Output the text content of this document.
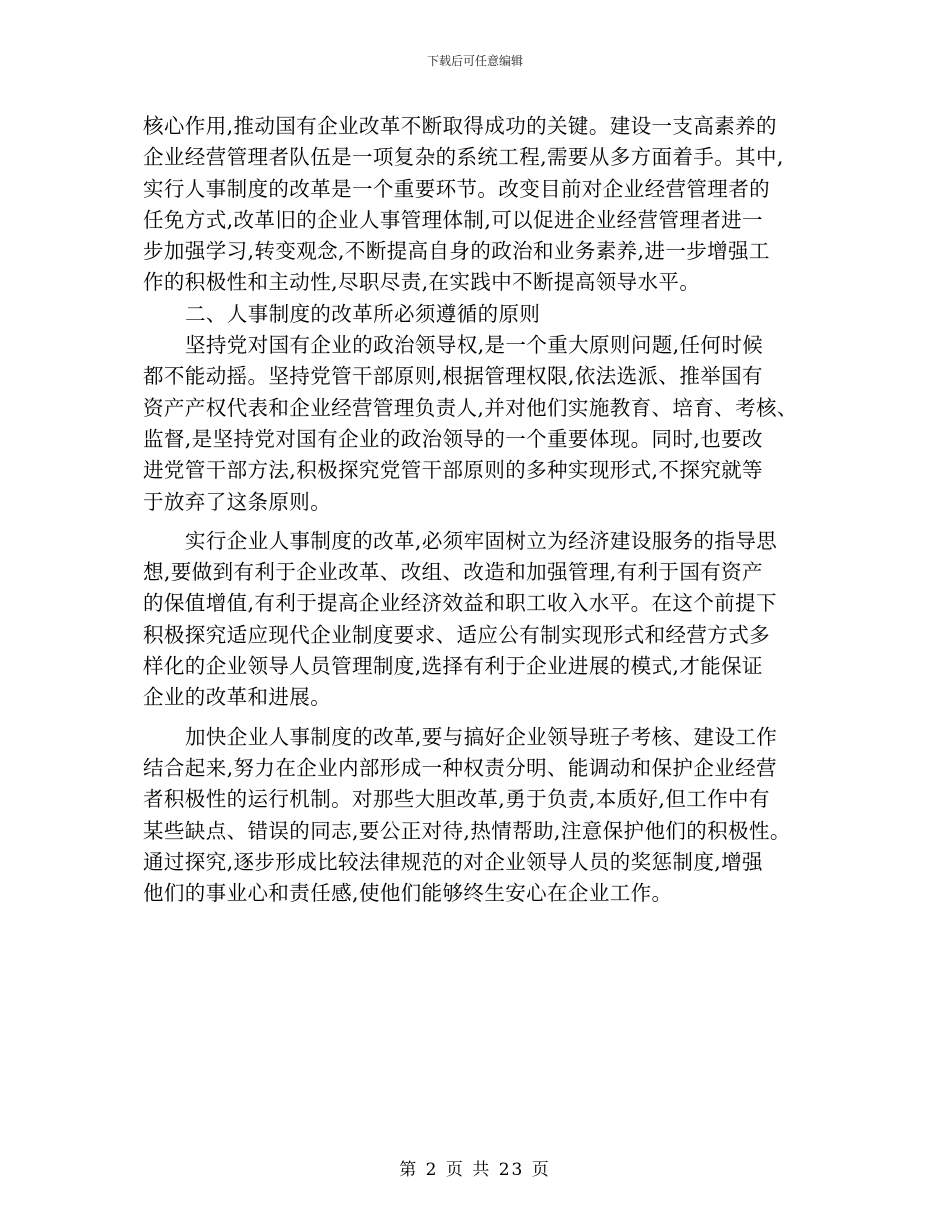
下载后可任意编辑
核心作用,推动国有企业改革不断取得成功的关键。建设一支高素养的
企业经营管理者队伍是一项复杂的系统工程,需要从多方面着手。其中,
实行人事制度的改革是一个重要环节。改变目前对企业经营管理者的
任免方式,改革旧的企业人事管理体制,可以促进企业经营管理者进一
步加强学习,转变观念,不断提高自身的政治和业务素养,进一步增强工
作的积极性和主动性,尽职尽责,在实践中不断提高领导水平。
二、人事制度的改革所必须遵循的原则
坚持党对国有企业的政治领导权,是一个重大原则问题,任何时候
都不能动摇。坚持党管干部原则,根据管理权限,依法选派、推举国有
资产产权代表和企业经营管理负责人,并对他们实施教育、培育、考核、
监督,是坚持党对国有企业的政治领导的一个重要体现。同时,也要改
进党管干部方法,积极探究党管干部原则的多种实现形式,不探究就等
于放弃了这条原则。
实行企业人事制度的改革,必须牢固树立为经济建设服务的指导思
想,要做到有利于企业改革、改组、改造和加强管理,有利于国有资产
的保值增值,有利于提高企业经济效益和职工收入水平。在这个前提下
积极探究适应现代企业制度要求、适应公有制实现形式和经营方式多
样化的企业领导人员管理制度,选择有利于企业进展的模式,才能保证
企业的改革和进展。
加快企业人事制度的改革,要与搞好企业领导班子考核、建设工作
结合起来,努力在企业内部形成一种权责分明、能调动和保护企业经营
者积极性的运行机制。对那些大胆改革,勇于负责,本质好,但工作中有
某些缺点、错误的同志,要公正对待,热情帮助,注意保护他们的积极性。
通过探究,逐步形成比较法律规范的对企业领导人员的奖惩制度,增强
他们的事业心和责任感,使他们能够终生安心在企业工作。
第 2 页 共 23 页
